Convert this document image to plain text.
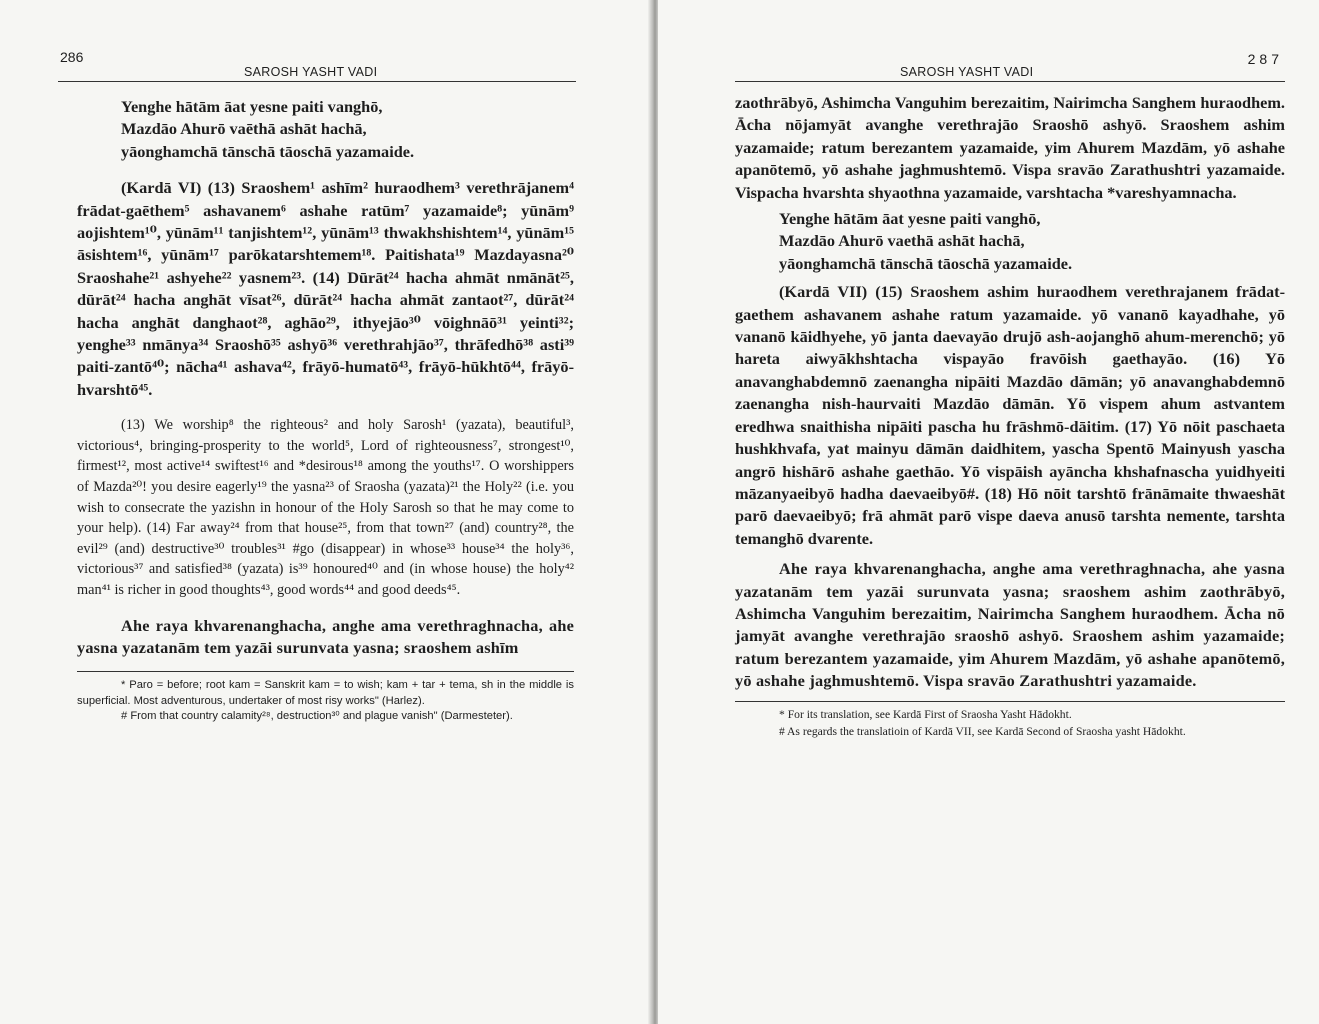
286
SAROSH YASHT VADI
Yenghe hātām āat yesne paiti vanghō,
Mazdāo Ahurō vaēthā ashāt hachā,
yāonghamchā tānschā tāoschā yazamaide.

(Kardā VI) (13) Sraoshem¹ ashīm² huraodhem³ verethrājanem⁴ frādat-gaēthem⁵ ashavanem⁶ ashahe ratūm⁷ yazamaide⁸; yūnām⁹ aojishtem¹⁰, yūnām¹¹ tanjishtem¹², yūnām¹³ thwakhshishtem¹⁴, yūnām¹⁵ āsishtem¹⁶, yūnām¹⁷ parōkatarshtemem¹⁸. Paitishata¹⁹ Mazdayasna²⁰ Sraoshahe²¹ ashyehe²² yasnem²³. (14) Dūrāt²⁴ hacha ahmāt nmānāt²⁵, dūrāt²⁴ hacha anghāt vīsat²⁶, dūrāt²⁴ hacha ahmāt zantaot²⁷, dūrāt²⁴ hacha anghāt danghaot²⁸, aghāo²⁹, ithyejāo³⁰ vōighnāō³¹ yeinti³²; yenghe³³ nmānya³⁴ Sraoshō³⁵ ashyō³⁶ verethrahjāo³⁷, thrāfedhō³⁸ asti³⁹ paiti-zantō⁴⁰; nācha⁴¹ ashava⁴², frāyō-humatō⁴³, frāyō-hūkhtō⁴⁴, frāyō-hvarshtō⁴⁵.

(13) We worship⁸ the righteous² and holy Sarosh¹ (yazata), beautiful³, victorious⁴, bringing-prosperity to the world⁵, Lord of righteousness⁷, strongest¹⁰, firmest¹², most active¹⁴ swiftest¹⁶ and *desirous¹⁸ among the youths¹⁷. O worshippers of Mazda²⁰! you desire eagerly¹⁹ the yasna²³ of Sraosha (yazata)²¹ the Holy²² (i.e. you wish to consecrate the yazishn in honour of the Holy Sarosh so that he may come to your help). (14) Far away²⁴ from that house²⁵, from that town²⁷ (and) country²⁸, the evil²⁹ (and) destructive³⁰ troubles³¹ #go (disappear) in whose³³ house³⁴ the holy³⁶, victorious³⁷ and satisfied³⁸ (yazata) is³⁹ honoured⁴⁰ and (in whose house) the holy⁴² man⁴¹ is richer in good thoughts⁴³, good words⁴⁴ and good deeds⁴⁵.

Ahe raya khvarenanghacha, anghe ama verethraghnacha, ahe yasna yazatanām tem yazāi surunvata yasna; sraoshem ashīm

* Paro = before; root kam = Sanskrit kam = to wish; kam + tar + tema, sh in the middle is superficial. Most adventurous, undertaker of most risy works" (Harlez).

# From that country calamity²⁸, destruction³⁰ and plague vanish" (Darmesteter).

SAROSH YASHT VADI
287

zaothrābyō, Ashimcha Vanguhim berezaitim, Nairimcha Sanghem huraodhem. Ācha nōjamyāt avanghe verethrajāo Sraoshō ashyō. Sraoshem ashim yazamaide; ratum berezantem yazamaide, yim Ahurem Mazdām, yō ashahe apanōtemō, yō ashahe jaghmushtemō. Vispa sravāo Zarathushtri yazamaide. Vispacha hvarshta shyaothna yazamaide, varshtacha *vareshyamnacha.

Yenghe hātām āat yesne paiti vanghō,
Mazdāo Ahurō vaethā ashāt hachā,
yāonghamchā tānschā tāoschā yazamaide.

(Kardā VII) (15) Sraoshem ashim huraodhem verethrajanem frādat-gaethem ashavanem ashahe ratum yazamaide. yō vananō kayadhahe, yō vananō kāidhyehe, yō janta daevayāo drujō ash-aojanghō ahum-merenchō; yō hareta aiwyākhshtacha vispayāo fravōish gaethayāo. (16) Yō anavanghabdemnō zaenangha nipāiti Mazdāo dāmān; yō anavanghabdemnō zaenangha nish-haurvaiti Mazdāo dāmān. Yō vispem ahum astvantem eredhwa snaithisha nipāiti pascha hu frāshmō-dāitim. (17) Yō nōit paschaeta hushkhvafa, yat mainyu dāmān daidhitem, yascha Spentō Mainyush yascha angrō hishārō ashahe gaethāo. Yō vispāish ayāncha khshafnascha yuidhyeiti māzanyaeibyō hadha daevaeibyō#. (18) Hō nōit tarshtō frānāmaite thwaeshāt parō daevaeibyō; frā ahmāt parō vispe daeva anusō tarshta nemente, tarshta temanghō dvarente.

Ahe raya khvarenanghacha, anghe ama verethraghnacha, ahe yasna yazatanām tem yazāi surunvata yasna; sraoshem ashim zaothrābyō, Ashimcha Vanguhim berezaitim, Nairimcha Sanghem huraodhem. Ācha nō jamyāt avanghe verethrajāo sraoshō ashyō. Sraoshem ashim yazamaide; ratum berezantem yazamaide, yim Ahurem Mazdām, yō ashahe apanōtemō, yō ashahe jaghmushtemō. Vispa sravāo Zarathushtri yazamaide.

* For its translation, see Kardā First of Sraosha Yasht Hādokht.

# As regards the translatioin of Kardā VII, see Kardā Second of Sraosha yasht Hādokht.
